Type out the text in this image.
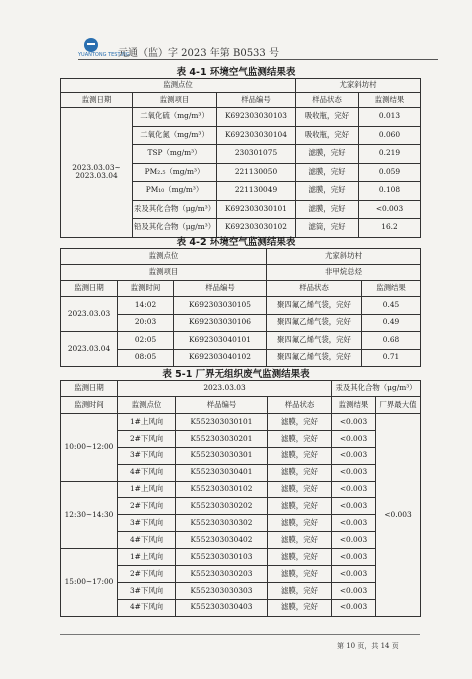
YUANTONG TESTING
元通（监）字 2023 年第 B0533 号
表 4-1 环境空气监测结果表
监测点位			尤家斜坊村	
监测日期	监测项目	样品编号	样品状态	监测结果
2023.03.03~ 2023.03.04	二氧化硫（mg/m³）	K692303030103	吸收瓶，完好	0.013
	二氧化氮（mg/m³）	K692303030104	吸收瓶，完好	0.060
	TSP（mg/m³）	230301075	滤膜，完好	0.219
	PM₂.₅（mg/m³）	221130050	滤膜，完好	0.059
	PM₁₀（mg/m³）	221130049	滤膜，完好	0.108
	汞及其化合物（μg/m³）	K692303030101	滤膜，完好	<0.003
	铅及其化合物（μg/m³）	K692303030102	滤筒，完好	16.2
表 4-2 环境空气监测结果表
监测点位			尤家斜坊村	
监测项目			非甲烷总烃	
监测日期	监测时间	样品编号	样品状态	监测结果
2023.03.03	14:02	K692303030105	聚四氟乙烯气袋，完好	0.45
	20:03	K692303030106	聚四氟乙烯气袋，完好	0.49
2023.03.04	02:05	K692303040101	聚四氟乙烯气袋，完好	0.68
	08:05	K692303040102	聚四氟乙烯气袋，完好	0.71
表 5-1 厂界无组织废气监测结果表
监测日期	2023.03.03			汞及其化合物（μg/m³）	
监测时间	监测点位	样品编号	样品状态	监测结果	厂界最大值
10:00~12:00	1#上风向	K552303030101	滤膜，完好	<0.003	<0.003
	2#下风向	K552303030201	滤膜，完好	<0.003	
	3#下风向	K552303030301	滤膜，完好	<0.003	
	4#下风向	K552303030401	滤膜，完好	<0.003	
12:30~14:30	1#上风向	K552303030102	滤膜，完好	<0.003	
	2#下风向	K552303030202	滤膜，完好	<0.003	
	3#下风向	K552303030302	滤膜，完好	<0.003	
	4#下风向	K552303030402	滤膜，完好	<0.003	
15:00~17:00	1#上风向	K552303030103	滤膜，完好	<0.003	
	2#下风向	K552303030203	滤膜，完好	<0.003	
	3#下风向	K552303030303	滤膜，完好	<0.003	
	4#下风向	K552303030403	滤膜，完好	<0.003	
第 10 页，共 14 页
